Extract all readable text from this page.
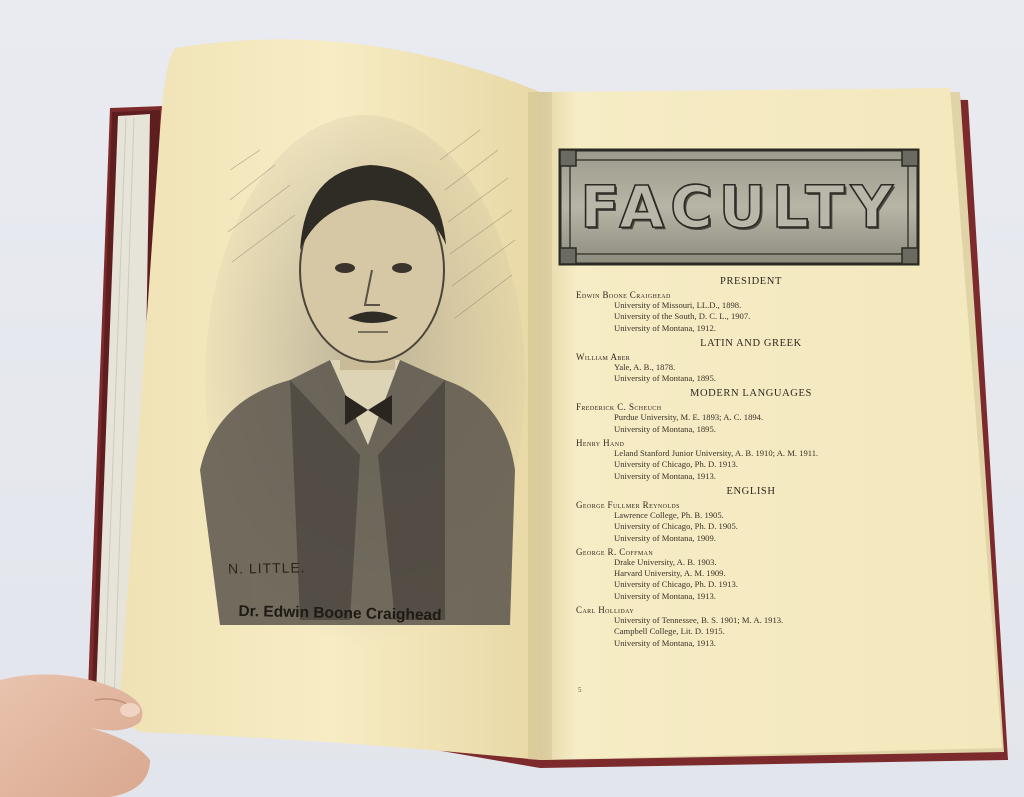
FACULTY
N. LITTLE.
Dr. Edwin Boone Craighead
PRESIDENT
Edwin Boone Craighead
University of Missouri, LL.D., 1898.
University of the South, D. C. L., 1907.
University of Montana, 1912.
LATIN AND GREEK
William Aber
Yale, A. B., 1878.
University of Montana, 1895.
MODERN LANGUAGES
Frederick C. Scheuch
Purdue University, M. E. 1893; A. C. 1894.
University of Montana, 1895.
Henry Hand
Leland Stanford Junior University, A. B. 1910; A. M. 1911.
University of Chicago, Ph. D. 1913.
University of Montana, 1913.
ENGLISH
George Fullmer Reynolds
Lawrence College, Ph. B. 1905.
University of Chicago, Ph. D. 1905.
University of Montana, 1909.
George R. Coffman
Drake University, A. B. 1903.
Harvard University, A. M. 1909.
University of Chicago, Ph. D. 1913.
University of Montana, 1913.
Carl Holliday
University of Tennessee, B. S. 1901; M. A. 1913.
Campbell College, Lit. D. 1915.
University of Montana, 1913.
5
